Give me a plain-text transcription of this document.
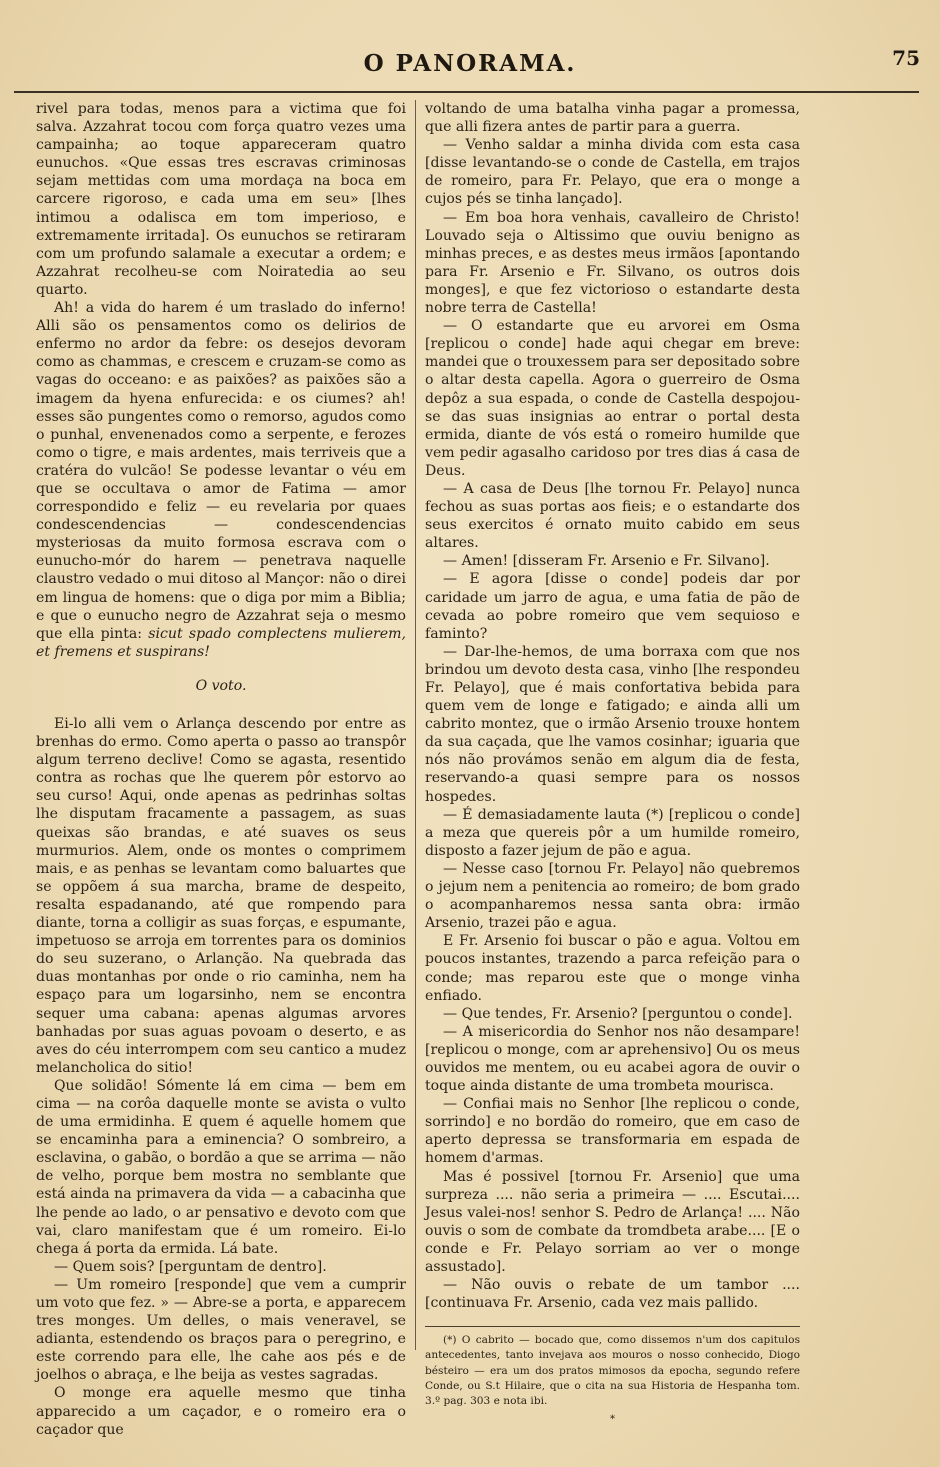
O PANORAMA.	75

rivel para todas, menos para a victima que foi salva. Azzahrat tocou com força quatro vezes uma campainha; ao toque appareceram quatro eunuchos. «Que essas tres escravas criminosas sejam mettidas com uma mordaça na boca em carcere rigoroso, e cada uma em seu» [lhes intimou a odalisca em tom imperioso, e extremamente irritada]. Os eunuchos se retiraram com um profundo salamale a executar a ordem; e Azzahrat recolheu-se com Noiratedia ao seu quarto.

Ah! a vida do harem é um traslado do inferno! Alli são os pensamentos como os delirios de enfermo no ardor da febre: os desejos devoram como as chammas, e crescem e cruzam-se como as vagas do occeano: e as paixões? as paixões são a imagem da hyena enfurecida: e os ciumes? ah! esses são pungentes como o remorso, agudos como o punhal, envenenados como a serpente, e ferozes como o tigre, e mais ardentes, mais terriveis que a cratéra do vulcão! Se podesse levantar o véu em que se occultava o amor de Fatima — amor correspondido e feliz — eu revelaria por quaes condescendencias — condescendencias mysteriosas da muito formosa escrava com o eunucho-mór do harem — penetrava naquelle claustro vedado o mui ditoso al Mançor: não o direi em lingua de homens: que o diga por mim a Biblia; e que o eunucho negro de Azzahrat seja o mesmo que ella pinta: sicut spado complectens mulierem, et fremens et suspirans!

O voto.

Ei-lo alli vem o Arlança descendo por entre as brenhas do ermo. Como aperta o passo ao transpôr algum terreno declive! Como se agasta, resentido contra as rochas que lhe querem pôr estorvo ao seu curso! Aqui, onde apenas as pedrinhas soltas lhe disputam fracamente a passagem, as suas queixas são brandas, e até suaves os seus murmurios. Alem, onde os montes o comprimem mais, e as penhas se levantam como baluartes que se oppõem á sua marcha, brame de despeito, resalta espadanando, até que rompendo para diante, torna a colligir as suas forças, e espumante, impetuoso se arroja em torrentes para os dominios do seu suzerano, o Arlanção. Na quebrada das duas montanhas por onde o rio caminha, nem ha espaço para um logarsinho, nem se encontra sequer uma cabana: apenas algumas arvores banhadas por suas aguas povoam o deserto, e as aves do céu interrompem com seu cantico a mudez melancholica do sitio!

Que solidão! Sómente lá em cima — bem em cima — na corôa daquelle monte se avista o vulto de uma ermidinha. E quem é aquelle homem que se encaminha para a eminencia? O sombreiro, a esclavina, o gabão, o bordão a que se arrima — não de velho, porque bem mostra no semblante que está ainda na primavera da vida — a cabacinha que lhe pende ao lado, o ar pensativo e devoto com que vai, claro manifestam que é um romeiro. Ei-lo chega á porta da ermida. Lá bate.

— Quem sois? [perguntam de dentro].

— Um romeiro [responde] que vem a cumprir um voto que fez. » — Abre-se a porta, e apparecem tres monges. Um delles, o mais veneravel, se adianta, estendendo os braços para o peregrino, e este correndo para elle, lhe cahe aos pés e de joelhos o abraça, e lhe beija as vestes sagradas.

O monge era aquelle mesmo que tinha apparecido a um caçador, e o romeiro era o caçador que

voltando de uma batalha vinha pagar a promessa, que alli fizera antes de partir para a guerra.

— Venho saldar a minha divida com esta casa [disse levantando-se o conde de Castella, em trajos de romeiro, para Fr. Pelayo, que era o monge a cujos pés se tinha lançado].

— Em boa hora venhais, cavalleiro de Christo! Louvado seja o Altissimo que ouviu benigno as minhas preces, e as destes meus irmãos [apontando para Fr. Arsenio e Fr. Silvano, os outros dois monges], e que fez victorioso o estandarte desta nobre terra de Castella!

— O estandarte que eu arvorei em Osma [replicou o conde] hade aqui chegar em breve: mandei que o trouxessem para ser depositado sobre o altar desta capella. Agora o guerreiro de Osma depôz a sua espada, o conde de Castella despojou-se das suas insignias ao entrar o portal desta ermida, diante de vós está o romeiro humilde que vem pedir agasalho caridoso por tres dias á casa de Deus.

— A casa de Deus [lhe tornou Fr. Pelayo] nunca fechou as suas portas aos fieis; e o estandarte dos seus exercitos é ornato muito cabido em seus altares.

— Amen! [disseram Fr. Arsenio e Fr. Silvano].

— E agora [disse o conde] podeis dar por caridade um jarro de agua, e uma fatia de pão de cevada ao pobre romeiro que vem sequioso e faminto?

— Dar-lhe-hemos, de uma borraxa com que nos brindou um devoto desta casa, vinho [lhe respondeu Fr. Pelayo], que é mais confortativa bebida para quem vem de longe e fatigado; e ainda alli um cabrito montez, que o irmão Arsenio trouxe hontem da sua caçada, que lhe vamos cosinhar; iguaria que nós não provámos senão em algum dia de festa, reservando-a quasi sempre para os nossos hospedes.

— É demasiadamente lauta (*) [replicou o conde] a meza que quereis pôr a um humilde romeiro, disposto a fazer jejum de pão e agua.

— Nesse caso [tornou Fr. Pelayo] não quebremos o jejum nem a penitencia ao romeiro; de bom grado o acompanharemos nessa santa obra: irmão Arsenio, trazei pão e agua.

E Fr. Arsenio foi buscar o pão e agua. Voltou em poucos instantes, trazendo a parca refeição para o conde; mas reparou este que o monge vinha enfiado.

— Que tendes, Fr. Arsenio? [perguntou o conde].

— A misericordia do Senhor nos não desampare! [replicou o monge, com ar aprehensivo] Ou os meus ouvidos me mentem, ou eu acabei agora de ouvir o toque ainda distante de uma trombeta mourisca.

— Confiai mais no Senhor [lhe replicou o conde, sorrindo] e no bordão do romeiro, que em caso de aperto depressa se transformaria em espada de homem d'armas.

Mas é possivel [tornou Fr. Arsenio] que uma surpreza .... não seria a primeira — .... Escutai.... Jesus valei-nos! senhor S. Pedro de Arlança! .... Não ouvis o som de combate da tromdbeta arabe.... [E o conde e Fr. Pelayo sorriam ao ver o monge assustado].

— Não ouvis o rebate de um tambor .... [continuava Fr. Arsenio, cada vez mais pallido.

(*) O cabrito — bocado que, como dissemos n'um dos capitulos antecedentes, tanto invejava aos mouros o nosso conhecido, Diogo bésteiro — era um dos pratos mimosos da epocha, segundo refere Conde, ou S.t Hilaire, que o cita na sua Historia de Hespanha tom. 3.º pag. 303 e nota ibi.

*
